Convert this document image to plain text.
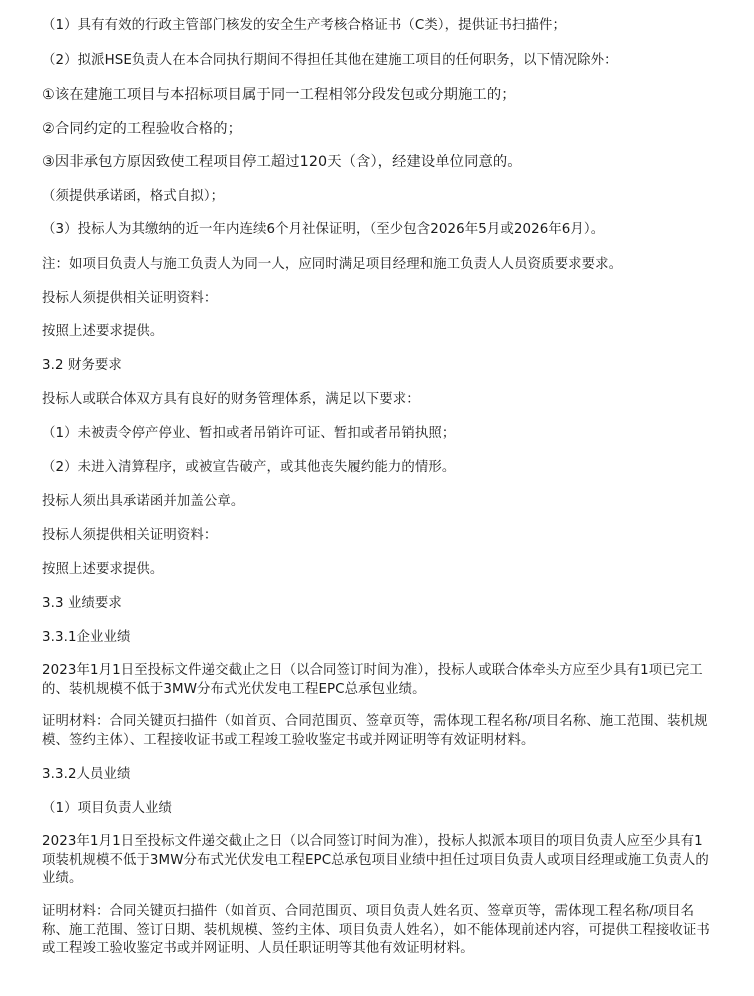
（1）具有有效的行政主管部门核发的安全生产考核合格证书（C类），提供证书扫描件；
（2）拟派HSE负责人在本合同执行期间不得担任其他在建施工项目的任何职务，以下情况除外：
①该在建施工项目与本招标项目属于同一工程相邻分段发包或分期施工的；
②合同约定的工程验收合格的；
③因非承包方原因致使工程项目停工超过120天（含），经建设单位同意的。
（须提供承诺函，格式自拟）；
（3）投标人为其缴纳的近一年内连续6个月社保证明，（至少包含2026年5月或2026年6月）。
注：如项目负责人与施工负责人为同一人，应同时满足项目经理和施工负责人人员资质要求要求。
投标人须提供相关证明资料：
按照上述要求提供。
3.2 财务要求
投标人或联合体双方具有良好的财务管理体系，满足以下要求：
（1）未被责令停产停业、暂扣或者吊销许可证、暂扣或者吊销执照；
（2）未进入清算程序，或被宣告破产，或其他丧失履约能力的情形。
投标人须出具承诺函并加盖公章。
投标人须提供相关证明资料：
按照上述要求提供。
3.3 业绩要求
3.3.1企业业绩
2023年1月1日至投标文件递交截止之日（以合同签订时间为准），投标人或联合体牵头方应至少具有1项已完工的、装机规模不低于3MW分布式光伏发电工程EPC总承包业绩。
证明材料：合同关键页扫描件（如首页、合同范围页、签章页等，需体现工程名称/项目名称、施工范围、装机规模、签约主体）、工程接收证书或工程竣工验收鉴定书或并网证明等有效证明材料。
3.3.2人员业绩
（1）项目负责人业绩
2023年1月1日至投标文件递交截止之日（以合同签订时间为准），投标人拟派本项目的项目负责人应至少具有1项装机规模不低于3MW分布式光伏发电工程EPC总承包项目业绩中担任过项目负责人或项目经理或施工负责人的业绩。
证明材料：合同关键页扫描件（如首页、合同范围页、项目负责人姓名页、签章页等，需体现工程名称/项目名称、施工范围、签订日期、装机规模、签约主体、项目负责人姓名），如不能体现前述内容，可提供工程接收证书或工程竣工验收鉴定书或并网证明、人员任职证明等其他有效证明材料。
